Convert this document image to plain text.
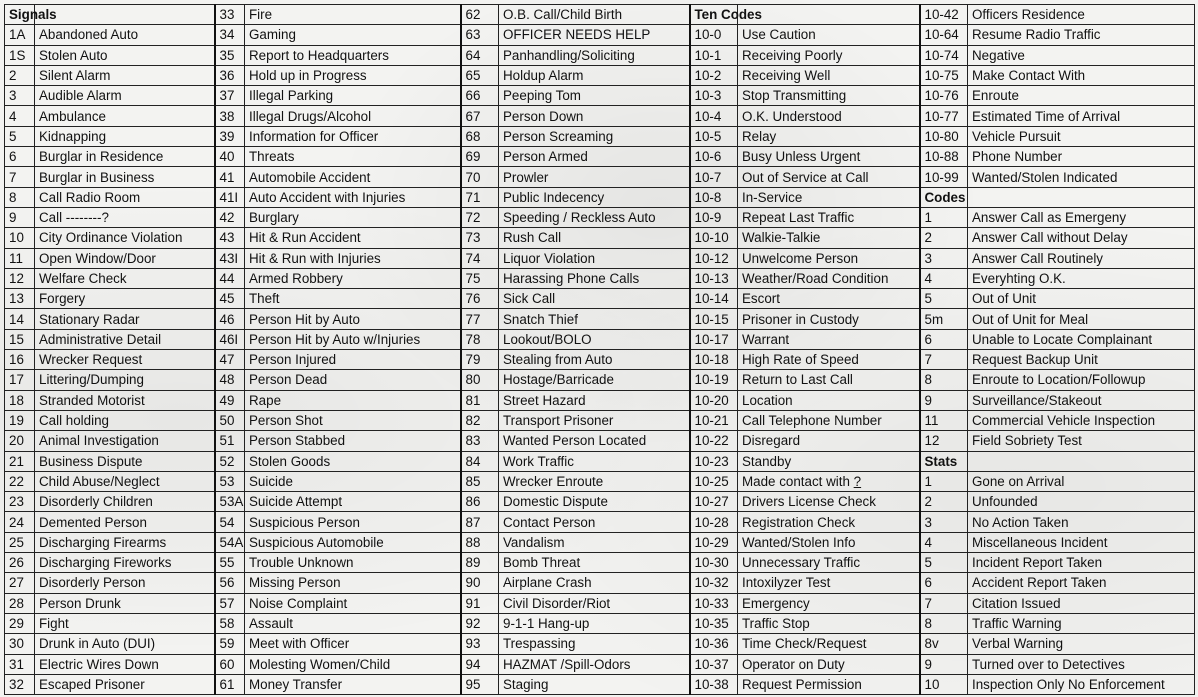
Signals		33	Fire	62	O.B. Call/Child Birth	Ten Codes		10-42	Officers Residence
1A	Abandoned Auto	34	Gaming	63	OFFICER NEEDS HELP	10-0	Use Caution	10-64	Resume Radio Traffic
1S	Stolen Auto	35	Report to Headquarters	64	Panhandling/Soliciting	10-1	Receiving Poorly	10-74	Negative
2	Silent Alarm	36	Hold up in Progress	65	Holdup Alarm	10-2	Receiving Well	10-75	Make Contact With
3	Audible Alarm	37	Illegal Parking	66	Peeping Tom	10-3	Stop Transmitting	10-76	Enroute
4	Ambulance	38	Illegal Drugs/Alcohol	67	Person Down	10-4	O.K. Understood	10-77	Estimated Time of Arrival
5	Kidnapping	39	Information for Officer	68	Person Screaming	10-5	Relay	10-80	Vehicle Pursuit
6	Burglar in Residence	40	Threats	69	Person Armed	10-6	Busy Unless Urgent	10-88	Phone Number
7	Burglar in Business	41	Automobile Accident	70	Prowler	10-7	Out of Service at Call	10-99	Wanted/Stolen Indicated
8	Call Radio Room	41I	Auto Accident with Injuries	71	Public Indecency	10-8	In-Service	Codes	
9	Call --------?	42	Burglary	72	Speeding / Reckless Auto	10-9	Repeat Last Traffic	1	Answer Call as Emergeny
10	City Ordinance Violation	43	Hit & Run Accident	73	Rush Call	10-10	Walkie-Talkie	2	Answer Call without Delay
11	Open Window/Door	43I	Hit & Run with Injuries	74	Liquor Violation	10-12	Unwelcome Person	3	Answer Call Routinely
12	Welfare Check	44	Armed Robbery	75	Harassing Phone Calls	10-13	Weather/Road Condition	4	Everyhting O.K.
13	Forgery	45	Theft	76	Sick Call	10-14	Escort	5	Out of Unit
14	Stationary Radar	46	Person Hit by Auto	77	Snatch Thief	10-15	Prisoner in Custody	5m	Out of Unit for Meal
15	Administrative Detail	46I	Person Hit by Auto w/Injuries	78	Lookout/BOLO	10-17	Warrant	6	Unable to Locate Complainant
16	Wrecker Request	47	Person Injured	79	Stealing from Auto	10-18	High Rate of Speed	7	Request Backup Unit
17	Littering/Dumping	48	Person Dead	80	Hostage/Barricade	10-19	Return to Last Call	8	Enroute to Location/Followup
18	Stranded Motorist	49	Rape	81	Street Hazard	10-20	Location	9	Surveillance/Stakeout
19	Call holding	50	Person Shot	82	Transport Prisoner	10-21	Call Telephone Number	11	Commercial Vehicle Inspection
20	Animal Investigation	51	Person Stabbed	83	Wanted Person Located	10-22	Disregard	12	Field Sobriety Test
21	Business Dispute	52	Stolen Goods	84	Work Traffic	10-23	Standby	Stats	
22	Child Abuse/Neglect	53	Suicide	85	Wrecker Enroute	10-25	Made contact with ?	1	Gone on Arrival
23	Disorderly Children	53A	Suicide Attempt	86	Domestic Dispute	10-27	Drivers License Check	2	Unfounded
24	Demented Person	54	Suspicious Person	87	Contact Person	10-28	Registration Check	3	No Action Taken
25	Discharging Firearms	54A	Suspicious Automobile	88	Vandalism	10-29	Wanted/Stolen Info	4	Miscellaneous Incident
26	Discharging Fireworks	55	Trouble Unknown	89	Bomb Threat	10-30	Unnecessary Traffic	5	Incident Report Taken
27	Disorderly Person	56	Missing Person	90	Airplane Crash	10-32	Intoxilyzer Test	6	Accident Report Taken
28	Person Drunk	57	Noise Complaint	91	Civil Disorder/Riot	10-33	Emergency	7	Citation Issued
29	Fight	58	Assault	92	9-1-1 Hang-up	10-35	Traffic Stop	8	Traffic Warning
30	Drunk in Auto (DUI)	59	Meet with Officer	93	Trespassing	10-36	Time Check/Request	8v	Verbal Warning
31	Electric Wires Down	60	Molesting Women/Child	94	HAZMAT /Spill-Odors	10-37	Operator on Duty	9	Turned over to Detectives
32	Escaped Prisoner	61	Money Transfer	95	Staging	10-38	Request Permission	10	Inspection Only No Enforcement
